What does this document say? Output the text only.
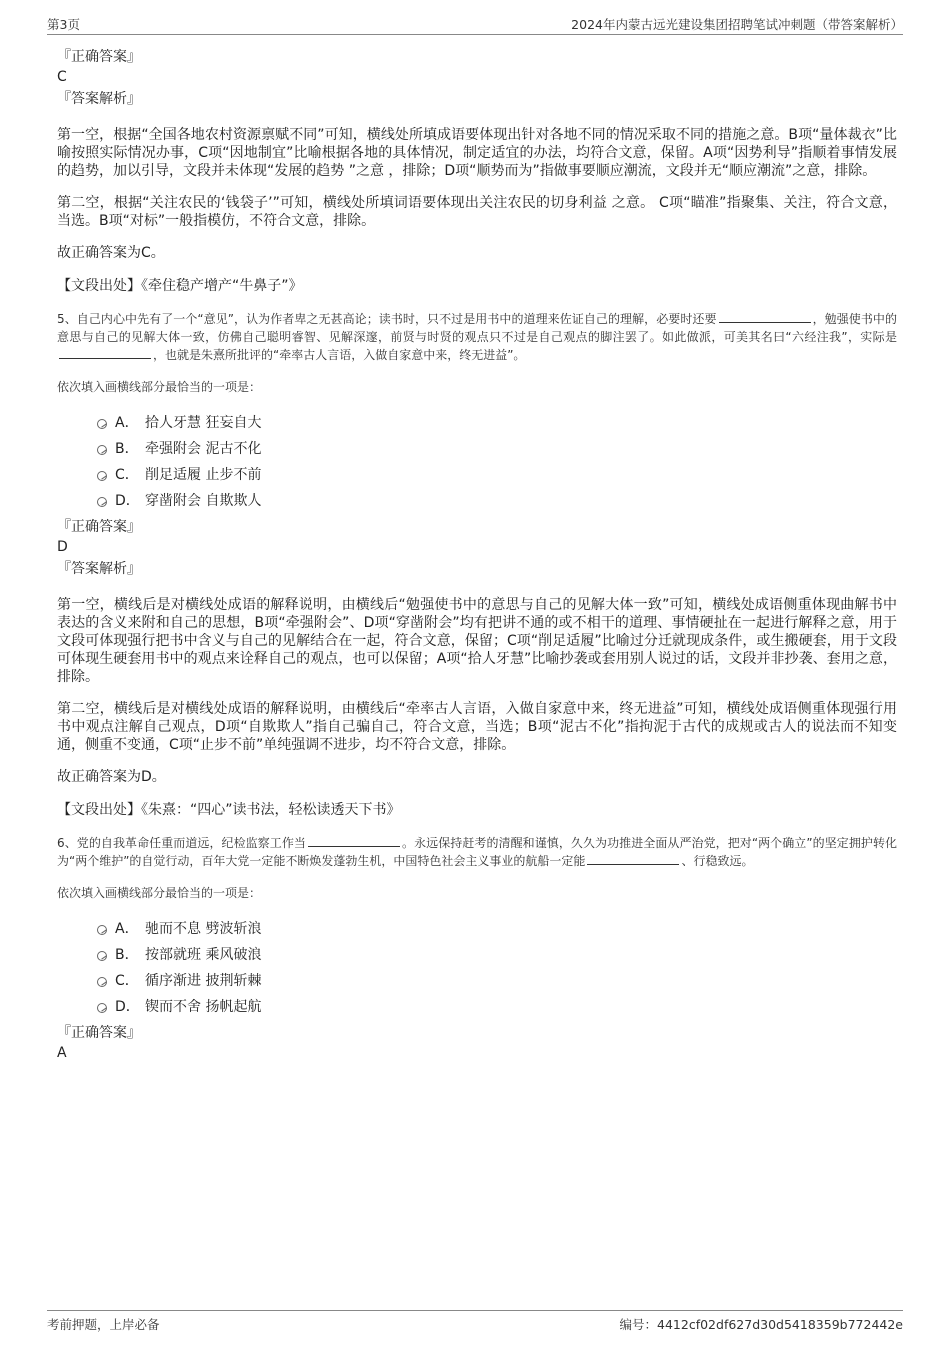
第3页	2024年内蒙古远光建设集团招聘笔试冲刺题（带答案解析）

『正确答案』

C

『答案解析』

第一空，根据“全国各地农村资源禀赋不同”可知，横线处所填成语要体现出针对各地不同的情况采取不同的措施之意。B项“量体裁衣”比喻按照实际情况办事，C项“因地制宜”比喻根据各地的具体情况，制定适宜的办法，均符合文意，保留。A项“因势利导”指顺着事情发展的趋势，加以引导，文段并未体现“发展的趋势 ”之意 ，排除；D项“顺势而为”指做事要顺应潮流，文段并无“顺应潮流”之意，排除。

第二空，根据“关注农民的‘钱袋子’”可知，横线处所填词语要体现出关注农民的切身利益 之意。 C项“瞄准”指聚集、关注，符合文意，当选。B项“对标”一般指模仿，不符合文意，排除。

故正确答案为C。

【文段出处】《牵住稳产增产“牛鼻子”》

5、自己内心中先有了一个“意见”，认为作者卑之无甚高论；读书时，只不过是用书中的道理来佐证自己的理解，必要时还要	，勉强使书中的意思与自己的见解大体一致，仿佛自己聪明睿智、见解深邃，前贤与时贤的观点只不过是自己观点的脚注罢了。如此做派，可美其名曰“六经注我”，实际是，也就是朱熹所批评的“牵率古人言语，入做自家意中来，终无进益”。

依次填入画横线部分最恰当的一项是：

A． 拾人牙慧 狂妄自大
B． 牵强附会 泥古不化
C． 削足适履 止步不前
D． 穿凿附会 自欺欺人

『正确答案』

D

『答案解析』

第一空，横线后是对横线处成语的解释说明，由横线后“勉强使书中的意思与自己的见解大体一致”可知，横线处成语侧重体现曲解书中表达的含义来附和自己的思想，B项“牵强附会”、D项“穿凿附会”均有把讲不通的或不相干的道理、事情硬扯在一起进行解释之意，用于文段可体现强行把书中含义与自己的见解结合在一起，符合文意，保留；C项“削足适履”比喻过分迁就现成条件，或生搬硬套，用于文段可体现生硬套用书中的观点来诠释自己的观点，也可以保留；A项“拾人牙慧”比喻抄袭或套用别人说过的话，文段并非抄袭、套用之意，排除。

第二空，横线后是对横线处成语的解释说明，由横线后“牵率古人言语，入做自家意中来，终无进益”可知，横线处成语侧重体现强行用书中观点注解自己观点，D项“自欺欺人”指自己骗自己，符合文意，当选；B项“泥古不化”指拘泥于古代的成规或古人的说法而不知变通，侧重不变通，C项“止步不前”单纯强调不进步，均不符合文意，排除。

故正确答案为D。

【文段出处】《朱熹：“四心”读书法，轻松读透天下书》

6、党的自我革命任重而道远，纪检监察工作当	。永远保持赶考的清醒和谨慎，久久为功推进全面从严治党，把对“两个确立”的坚定拥护转化为“两个维护”的自觉行动，百年大党一定能不断焕发蓬勃生机，中国特色社会主义事业的航船一定能	、行稳致远。

依次填入画横线部分最恰当的一项是：

A． 驰而不息 劈波斩浪
B． 按部就班 乘风破浪
C． 循序渐进 披荆斩棘
D． 锲而不舍 扬帆起航

『正确答案』

A

考前押题，上岸必备	编号：4412cf02df627d30d5418359b772442e
